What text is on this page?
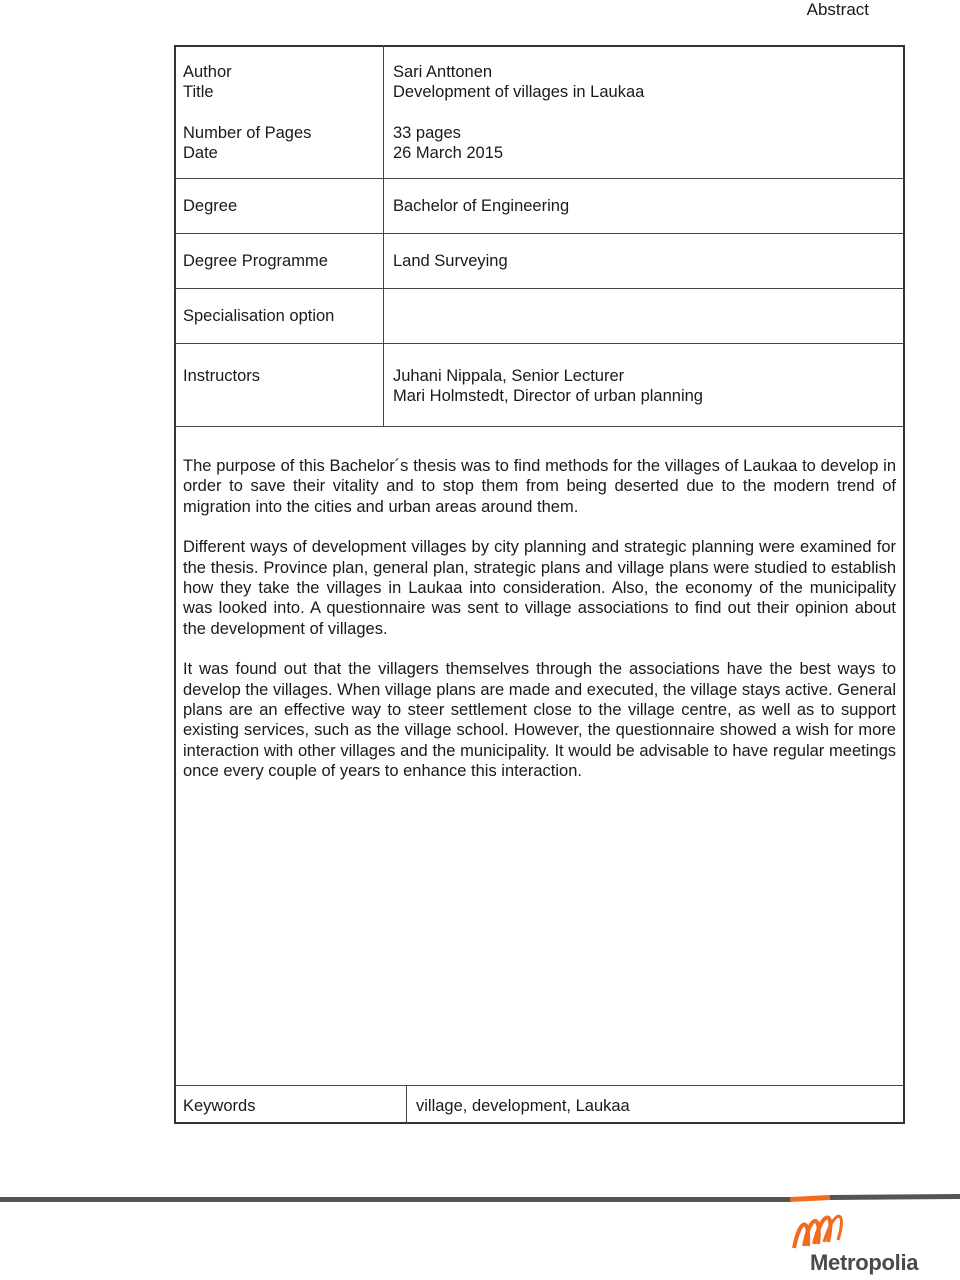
Abstract
Author
Title
Number of Pages
Date
Degree
Degree Programme
Specialisation option
Instructors
Sari Anttonen
Development of villages in Laukaa
33 pages
26 March 2015
Bachelor of Engineering
Land Surveying
Juhani Nippala, Senior Lecturer
Mari Holmstedt, Director of urban planning

The purpose of this Bachelor´s thesis was to find methods for the villages of Laukaa to develop in order to save their vitality and to stop them from being deserted due to the modern trend of migration into the cities and urban areas around them.

Different ways of development villages by city planning and strategic planning were examined for the thesis. Province plan, general plan, strategic plans and village plans were studied to establish how they take the villages in Laukaa into consideration. Also, the economy of the municipality was looked into. A questionnaire was sent to village associations to find out their opinion about the development of villages.

It was found out that the villagers themselves through the associations have the best ways to develop the villages. When village plans are made and executed, the village stays active. General plans are an effective way to steer settlement close to the village centre, as well as to support existing services, such as the village school. However, the questionnaire showed a wish for more interaction with other villages and the municipality. It would be advisable to have regular meetings once every couple of years to enhance this interaction.

Keywords	village, development, Laukaa
Metropolia
